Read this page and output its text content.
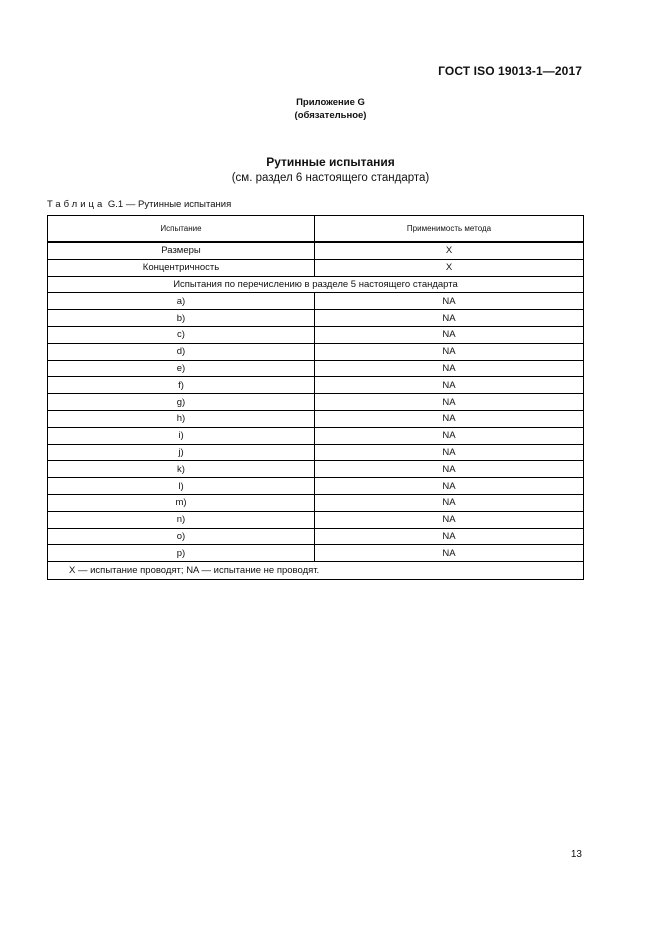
ГОСТ ISO 19013-1—2017
Приложение G
(обязательное)
Рутинные испытания
(см. раздел 6 настоящего стандарта)
Таблица G.1 — Рутинные испытания
Испытание	Применимость метода
Размеры	X
Концентричность	X
Испытания по перечислению в разделе 5 настоящего стандарта	
a)	NA
b)	NA
c)	NA
d)	NA
e)	NA
f)	NA
g)	NA
h)	NA
i)	NA
j)	NA
k)	NA
l)	NA
m)	NA
n)	NA
o)	NA
p)	NA
X — испытание проводят; NA — испытание не проводят.	
13
